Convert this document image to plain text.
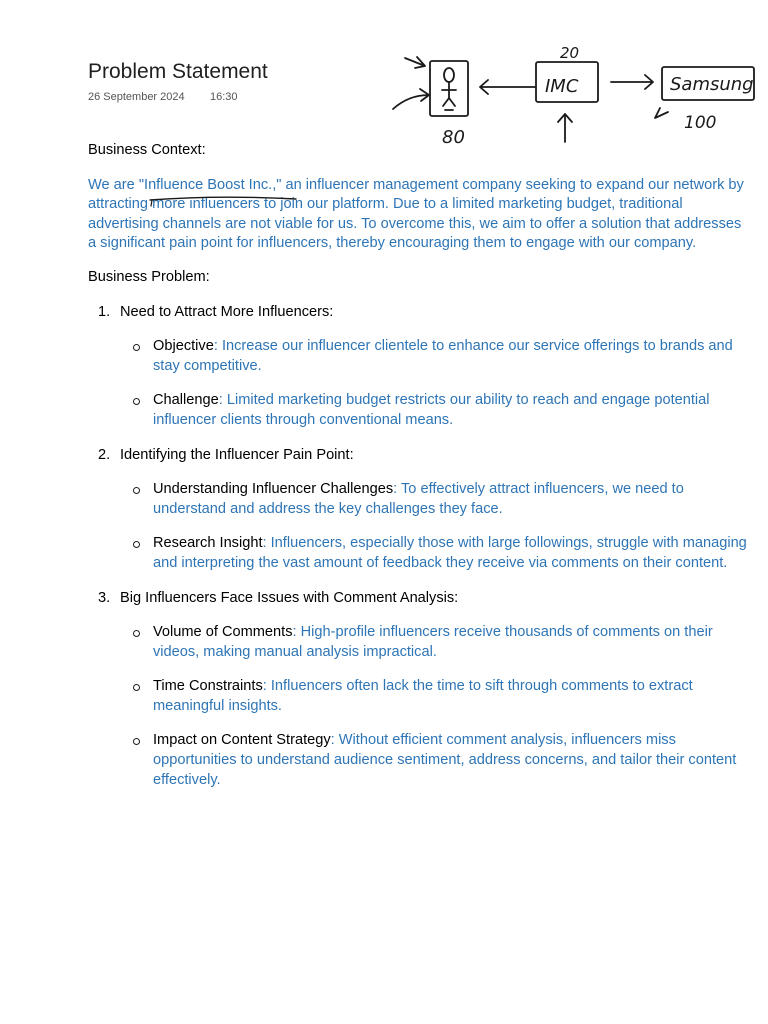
Problem Statement
26 September 2024 16:30
20
IMC	Samsung
80
100
Business Context:
We are "Influence Boost Inc.," an influencer management company seeking to expand our network by attracting more influencers to join our platform. Due to a limited marketing budget, traditional advertising channels are not viable for us. To overcome this, we aim to offer a solution that addresses a significant pain point for influencers, thereby encouraging them to engage with our company.
Business Problem:
1. Need to Attract More Influencers:
Objective: Increase our influencer clientele to enhance our service offerings to brands and stay competitive.
Challenge: Limited marketing budget restricts our ability to reach and engage potential influencer clients through conventional means.
2. Identifying the Influencer Pain Point:
Understanding Influencer Challenges: To effectively attract influencers, we need to understand and address the key challenges they face.
Research Insight: Influencers, especially those with large followings, struggle with managing and interpreting the vast amount of feedback they receive via comments on their content.
3. Big Influencers Face Issues with Comment Analysis:
Volume of Comments: High-profile influencers receive thousands of comments on their videos, making manual analysis impractical.
Time Constraints: Influencers often lack the time to sift through comments to extract meaningful insights.
Impact on Content Strategy: Without efficient comment analysis, influencers miss opportunities to understand audience sentiment, address concerns, and tailor their content effectively.
